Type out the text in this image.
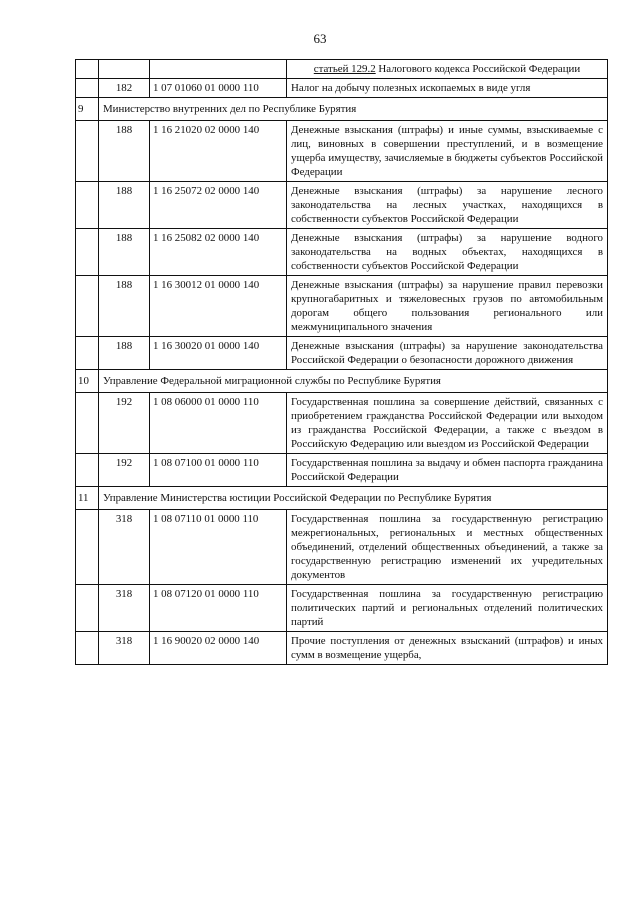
63
			статьей 129.2 Налогового кодекса Российской Федерации
	182	1 07 01060 01 0000 110	Налог на добычу полезных ископаемых в виде угля
9	Министерство внутренних дел по Республике Бурятия		
	188	1 16 21020 02 0000 140	Денежные взыскания (штрафы) и иные суммы, взыскиваемые с лиц, виновных в совершении преступлений, и в возмещение ущерба имуществу, зачисляемые в бюджеты субъектов Российской Федерации
	188	1 16 25072 02 0000 140	Денежные взыскания (штрафы) за нарушение лесного законодательства на лесных участках, находящихся в собственности субъектов Российской Федерации
	188	1 16 25082 02 0000 140	Денежные взыскания (штрафы) за нарушение водного законодательства на водных объектах, находящихся в собственности субъектов Российской Федерации
	188	1 16 30012 01 0000 140	Денежные взыскания (штрафы) за нарушение правил перевозки крупногабаритных и тяжеловесных грузов по автомобильным дорогам общего пользования регионального или межмуниципального значения
	188	1 16 30020 01 0000 140	Денежные взыскания (штрафы) за нарушение законодательства Российской Федерации о безопасности дорожного движения
10	Управление Федеральной миграционной службы по Республике Бурятия		
	192	1 08 06000 01 0000 110	Государственная пошлина за совершение действий, связанных с приобретением гражданства Российской Федерации или выходом из гражданства Российской Федерации, а также с въездом в Российскую Федерацию или выездом из Российской Федерации
	192	1 08 07100 01 0000 110	Государственная пошлина за выдачу и обмен паспорта гражданина Российской Федерации
11	Управление Министерства юстиции Российской Федерации по Республике Бурятия		
	318	1 08 07110 01 0000 110	Государственная пошлина за государственную регистрацию межрегиональных, региональных и местных общественных объединений, отделений общественных объединений, а также за государственную регистрацию изменений их учредительных документов
	318	1 08 07120 01 0000 110	Государственная пошлина за государственную регистрацию политических партий и региональных отделений политических партий
	318	1 16 90020 02 0000 140	Прочие поступления от денежных взысканий (штрафов) и иных сумм в возмещение ущерба,
